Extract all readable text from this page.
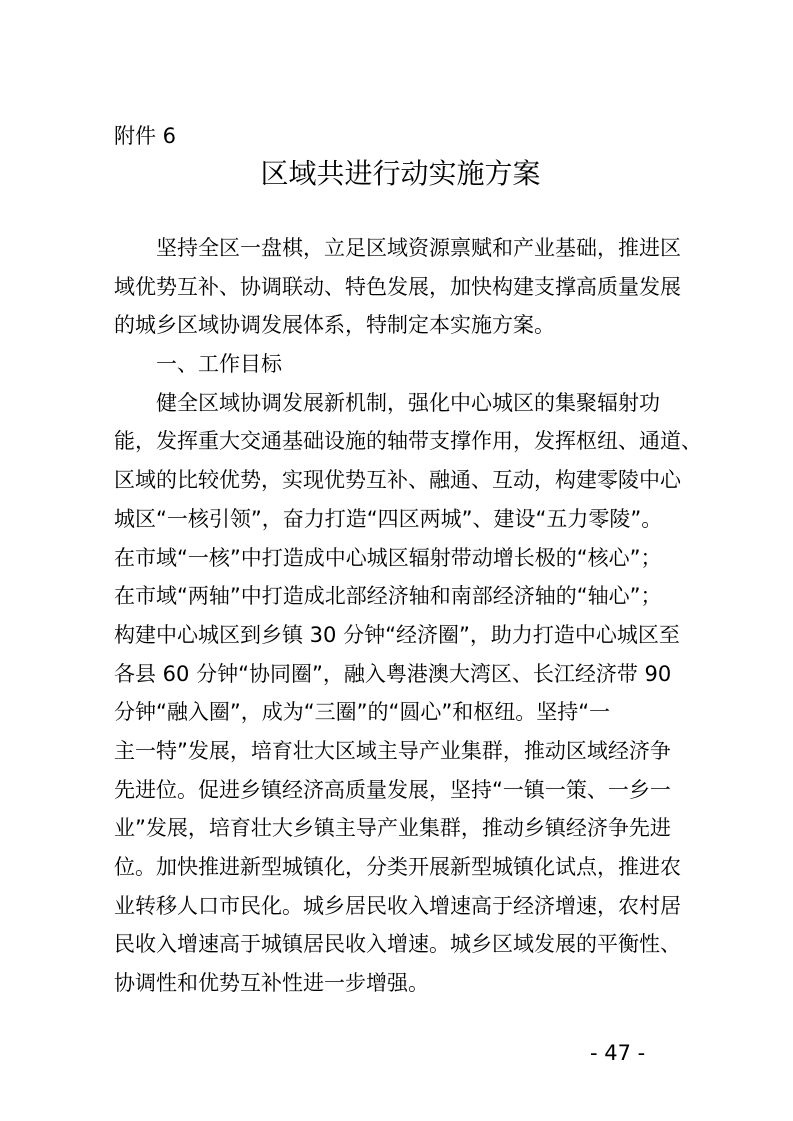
附件 6
区域共进行动实施方案
坚持全区一盘棋，立足区域资源禀赋和产业基础，推进区
域优势互补、协调联动、特色发展，加快构建支撑高质量发展
的城乡区域协调发展体系，特制定本实施方案。
一、工作目标
健全区域协调发展新机制，强化中心城区的集聚辐射功
能，发挥重大交通基础设施的轴带支撑作用，发挥枢纽、通道、
区域的比较优势，实现优势互补、融通、互动，构建零陵中心
城区“一核引领”，奋力打造“四区两城”、建设“五力零陵”。
在市域“一核”中打造成中心城区辐射带动增长极的“核心”；
在市域“两轴”中打造成北部经济轴和南部经济轴的“轴心”；
构建中心城区到乡镇 30 分钟“经济圈”，助力打造中心城区至
各县 60 分钟“协同圈”，融入粤港澳大湾区、长江经济带 90
分钟“融入圈”，成为“三圈”的“圆心”和枢纽。坚持“一
主一特”发展，培育壮大区域主导产业集群，推动区域经济争
先进位。促进乡镇经济高质量发展，坚持“一镇一策、一乡一
业”发展，培育壮大乡镇主导产业集群，推动乡镇经济争先进
位。加快推进新型城镇化，分类开展新型城镇化试点，推进农
业转移人口市民化。城乡居民收入增速高于经济增速，农村居
民收入增速高于城镇居民收入增速。城乡区域发展的平衡性、
协调性和优势互补性进一步增强。
- 47 -
